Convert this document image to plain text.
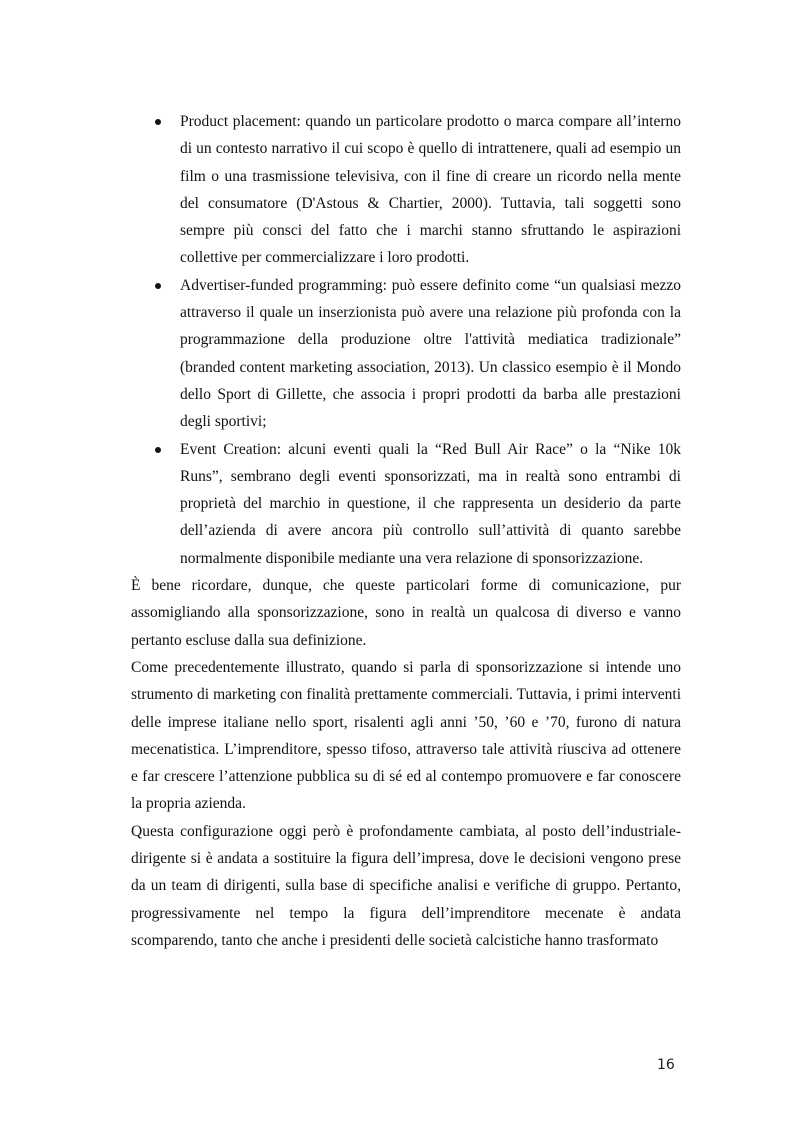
Product placement: quando un particolare prodotto o marca compare all’interno di un contesto narrativo il cui scopo è quello di intrattenere, quali ad esempio un film o una trasmissione televisiva, con il fine di creare un ricordo nella mente del consumatore (D'Astous & Chartier, 2000). Tuttavia, tali soggetti sono sempre più consci del fatto che i marchi stanno sfruttando le aspirazioni collettive per commercializzare i loro prodotti.
Advertiser-funded programming: può essere definito come “un qualsiasi mezzo attraverso il quale un inserzionista può avere una relazione più profonda con la programmazione della produzione oltre l'attività mediatica tradizionale” (branded content marketing association, 2013). Un classico esempio è il Mondo dello Sport di Gillette, che associa i propri prodotti da barba alle prestazioni degli sportivi;
Event Creation: alcuni eventi quali la “Red Bull Air Race” o la “Nike 10k Runs”, sembrano degli eventi sponsorizzati, ma in realtà sono entrambi di proprietà del marchio in questione, il che rappresenta un desiderio da parte dell’azienda di avere ancora più controllo sull’attività di quanto sarebbe normalmente disponibile mediante una vera relazione di sponsorizzazione.

È bene ricordare, dunque, che queste particolari forme di comunicazione, pur assomigliando alla sponsorizzazione, sono in realtà un qualcosa di diverso e vanno pertanto escluse dalla sua definizione.

Come precedentemente illustrato, quando si parla di sponsorizzazione si intende uno strumento di marketing con finalità prettamente commerciali. Tuttavia, i primi interventi delle imprese italiane nello sport, risalenti agli anni ’50, ’60 e ’70, furono di natura mecenatistica. L’imprenditore, spesso tifoso, attraverso tale attività riusciva ad ottenere e far crescere l’attenzione pubblica su di sé ed al contempo promuovere e far conoscere la propria azienda.

Questa configurazione oggi però è profondamente cambiata, al posto dell’industriale-dirigente si è andata a sostituire la figura dell’impresa, dove le decisioni vengono prese da un team di dirigenti, sulla base di specifiche analisi e verifiche di gruppo. Pertanto, progressivamente nel tempo la figura dell’imprenditore mecenate è andata scomparendo, tanto che anche i presidenti delle società calcistiche hanno trasformato

16
